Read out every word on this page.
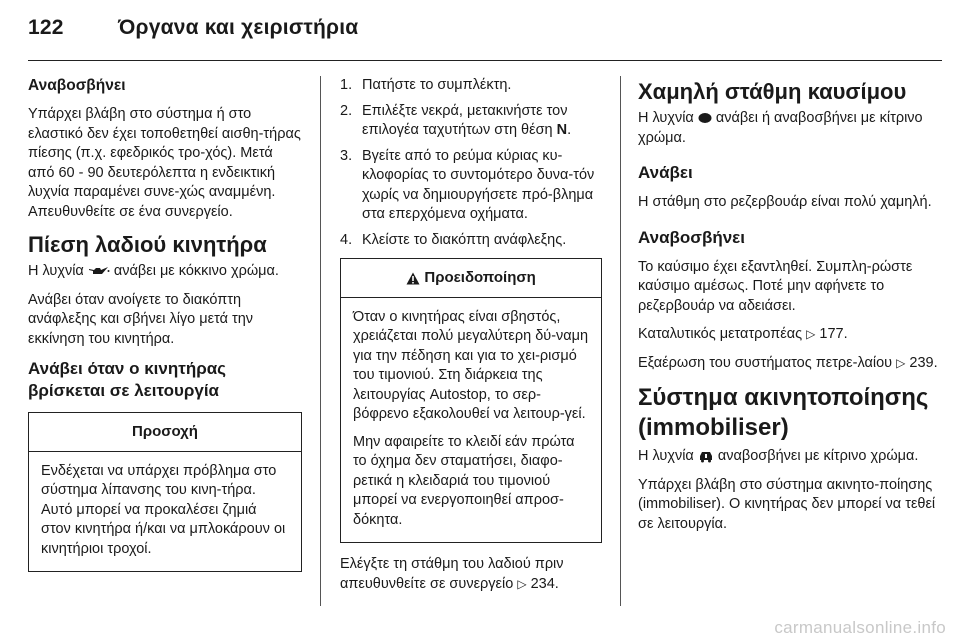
122	Όργανα και χειριστήρια

Αναβοσβήνει

Υπάρχει βλάβη στο σύστημα ή στο ελαστικό δεν έχει τοποθετηθεί αισθη-τήρας πίεσης (π.χ. εφεδρικός τρο-χός). Μετά από 60 - 90 δευτερόλεπτα η ενδεικτική λυχνία παραμένει συνε-χώς αναμμένη. Απευθυνθείτε σε ένα συνεργείο.

Πίεση λαδιού κινητήρα

Η λυχνία ανάβει με κόκκινο χρώμα.

Ανάβει όταν ανοίγετε το διακόπτη ανάφλεξης και σβήνει λίγο μετά την εκκίνηση του κινητήρα.

Ανάβει όταν ο κινητήρας βρίσκεται σε λειτουργία

Προσοχή

Ενδέχεται να υπάρχει πρόβλημα στο σύστημα λίπανσης του κινη-τήρα. Αυτό μπορεί να προκαλέσει ζημιά στον κινητήρα ή/και να μπλοκάρουν οι κινητήριοι τροχοί.

1. Πατήστε το συμπλέκτη.
2. Επιλέξτε νεκρά, μετακινήστε τον επιλογέα ταχυτήτων στη θέση N.
3. Βγείτε από το ρεύμα κύριας κυ-κλοφορίας το συντομότερο δυνα-τόν χωρίς να δημιουργήσετε πρό-βλημα στα επερχόμενα οχήματα.
4. Κλείστε το διακόπτη ανάφλεξης.
Προειδοποίηση

Όταν ο κινητήρας είναι σβηστός, χρειάζεται πολύ μεγαλύτερη δύ-ναμη για την πέδηση και για το χει-ρισμό του τιμονιού. Στη διάρκεια της λειτουργίας Autostop, το σερ-βόφρενο εξακολουθεί να λειτουρ-γεί.

Μην αφαιρείτε το κλειδί εάν πρώτα το όχημα δεν σταματήσει, διαφο-ρετικά η κλειδαριά του τιμονιού μπορεί να ενεργοποιηθεί απροσ-δόκητα.

Ελέγξτε τη στάθμη του λαδιού πριν απευθυνθείτε σε συνεργείο ▷ 234.

Χαμηλή στάθμη καυσίμου

Η λυχνία ανάβει ή αναβοσβήνει με κίτρινο χρώμα.

Ανάβει

Η στάθμη στο ρεζερβουάρ είναι πολύ χαμηλή.

Αναβοσβήνει

Το καύσιμο έχει εξαντληθεί. Συμπλη-ρώστε καύσιμο αμέσως. Ποτέ μην αφήνετε το ρεζερβουάρ να αδειάσει.

Καταλυτικός μετατροπέας ▷ 177.

Εξαέρωση του συστήματος πετρε-λαίου ▷ 239.

Σύστημα ακινητοποίησης (immobiliser)

Η λυχνία αναβοσβήνει με κίτρινο χρώμα.

Υπάρχει βλάβη στο σύστημα ακινητο-ποίησης (immobiliser). Ο κινητήρας δεν μπορεί να τεθεί σε λειτουργία.

carmanualsonline.info
